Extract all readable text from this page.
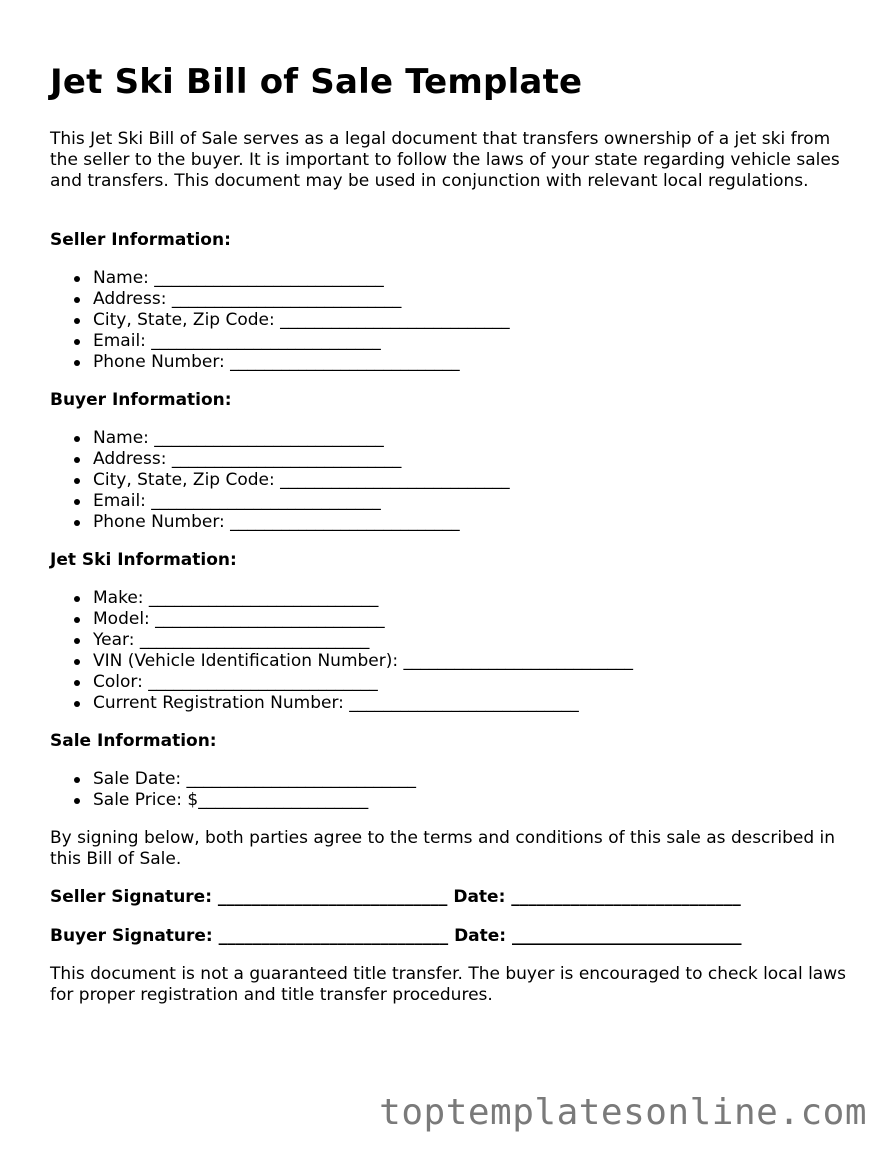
Jet Ski Bill of Sale Template

This Jet Ski Bill of Sale serves as a legal document that transfers ownership of a jet ski from the seller to the buyer. It is important to follow the laws of your state regarding vehicle sales and transfers. This document may be used in conjunction with relevant local regulations.

Seller Information:
Name: ___________________________
Address: ___________________________
City, State, Zip Code: ___________________________
Email: ___________________________
Phone Number: ___________________________
Buyer Information:
Name: ___________________________
Address: ___________________________
City, State, Zip Code: ___________________________
Email: ___________________________
Phone Number: ___________________________
Jet Ski Information:
Make: ___________________________
Model: ___________________________
Year: ___________________________
VIN (Vehicle Identification Number): ___________________________
Color: ___________________________
Current Registration Number: ___________________________
Sale Information:
Sale Date: ___________________________
Sale Price: $____________________

By signing below, both parties agree to the terms and conditions of this sale as described in this Bill of Sale.

Seller Signature: ___________________________ Date: ___________________________
Buyer Signature: ___________________________ Date: ___________________________

This document is not a guaranteed title transfer. The buyer is encouraged to check local laws for proper registration and title transfer procedures.

toptemplatesonline.com
